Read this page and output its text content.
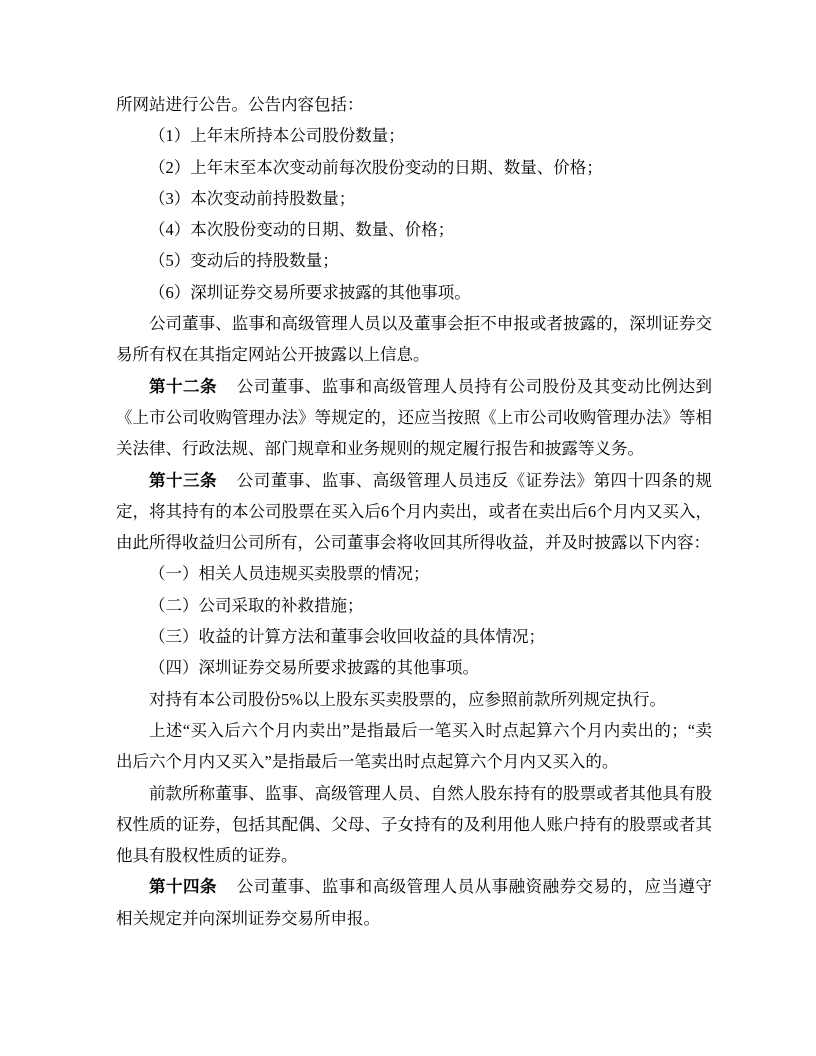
所网站进行公告。公告内容包括：

（1）上年末所持本公司股份数量；

（2）上年末至本次变动前每次股份变动的日期、数量、价格；

（3）本次变动前持股数量；

（4）本次股份变动的日期、数量、价格；

（5）变动后的持股数量；

（6）深圳证券交易所要求披露的其他事项。

公司董事、监事和高级管理人员以及董事会拒不申报或者披露的，深圳证券交易所有权在其指定网站公开披露以上信息。

第十二条 公司董事、监事和高级管理人员持有公司股份及其变动比例达到《上市公司收购管理办法》等规定的，还应当按照《上市公司收购管理办法》等相关法律、行政法规、部门规章和业务规则的规定履行报告和披露等义务。

第十三条 公司董事、监事、高级管理人员违反《证券法》第四十四条的规定，将其持有的本公司股票在买入后6个月内卖出，或者在卖出后6个月内又买入，由此所得收益归公司所有，公司董事会将收回其所得收益，并及时披露以下内容：

（一）相关人员违规买卖股票的情况；

（二）公司采取的补救措施；

（三）收益的计算方法和董事会收回收益的具体情况；

（四）深圳证券交易所要求披露的其他事项。

对持有本公司股份5%以上股东买卖股票的，应参照前款所列规定执行。

上述“买入后六个月内卖出”是指最后一笔买入时点起算六个月内卖出的；“卖出后六个月内又买入”是指最后一笔卖出时点起算六个月内又买入的。

前款所称董事、监事、高级管理人员、自然人股东持有的股票或者其他具有股权性质的证券，包括其配偶、父母、子女持有的及利用他人账户持有的股票或者其他具有股权性质的证券。

第十四条 公司董事、监事和高级管理人员从事融资融券交易的，应当遵守相关规定并向深圳证券交易所申报。
